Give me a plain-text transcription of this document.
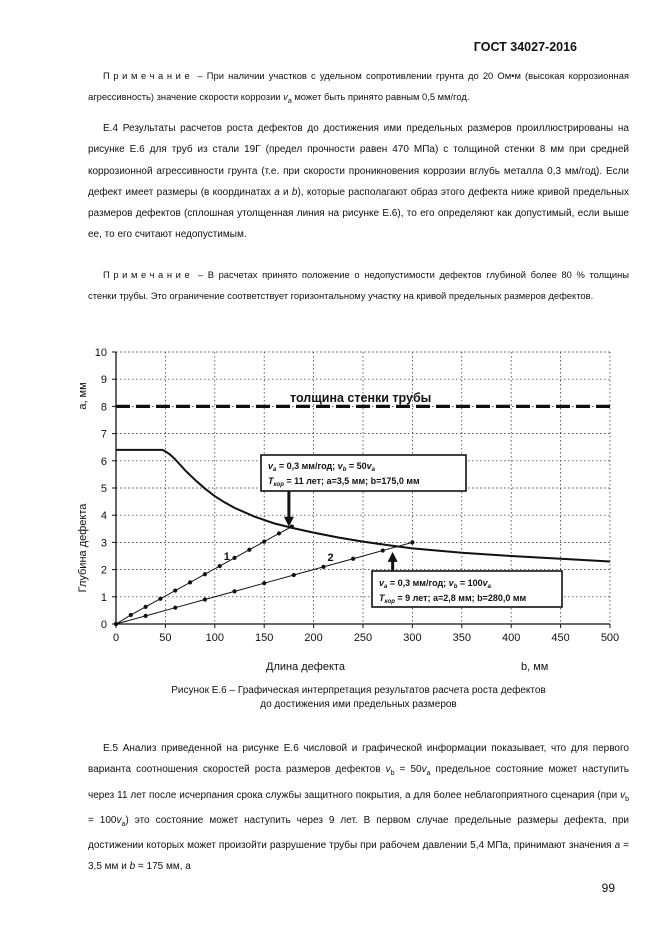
ГОСТ 34027-2016

Примечание – При наличии участков с удельном сопротивлении грунта до 20 Ом•м (высокая коррозионная агрессивность) значение скорости коррозии $v_a$ может быть принято равным 0,5 мм/год.

Е.4 Результаты расчетов роста дефектов до достижения ими предельных размеров проиллюстрированы на рисунке Е.6 для труб из стали 19Г (предел прочности равен 470 МПа) с толщиной стенки 8 мм при средней коррозионной агрессивности грунта (т.е. при скорости проникновения коррозии вглубь металла 0,3 мм/год). Если дефект имеет размеры (в координатах a и b), которые располагают образ этого дефекта ниже кривой предельных размеров дефектов (сплошная утолщенная линия на рисунке Е.6), то его определяют как допустимый, если выше ее, то его считают недопустимым.

Примечание – В расчетах принято положение о недопустимости дефектов глубиной более 80 % толщины стенки трубы. Это ограничение соответствует горизонтальному участку на кривой предельных размеров дефектов.

0
1
2
3
4
5
6
7
8
9
10
0	50	100	150	200	250	300	350	400	450	500
толщина стенки трубы
1	2
$v_a = 0,3$ мм/год; $v_b = 50v_a$
$T_{кор} = 11$ лет; a=3,5 мм; b=175,0 мм
$v_a = 0,3$ мм/год; $v_b = 100v_a$
$T_{кор} = 9$ лет; a=2,8 мм; b=280,0 мм
a, мм
Глубина дефекта
Длина дефекта	b, мм
Рисунок Е.6 – Графическая интерпретация результатов расчета роста дефектов
до достижения ими предельных размеров

Е.5 Анализ приведенной на рисунке Е.6 числовой и графической информации показывает, что для первого варианта соотношения скоростей роста размеров дефектов $v_b = 50v_a$ предельное состояние может наступить через 11 лет после исчерпания срока службы защитного покрытия, а для более неблагоприятного сценария (при $v_b = 100v_a$) это состояние может наступить через 9 лет. В первом случае предельные размеры дефекта, при достижении которых может произойти разрушение трубы при рабочем давлении 5,4 МПа, принимают значения a = 3,5 мм и b = 175 мм, а

99
